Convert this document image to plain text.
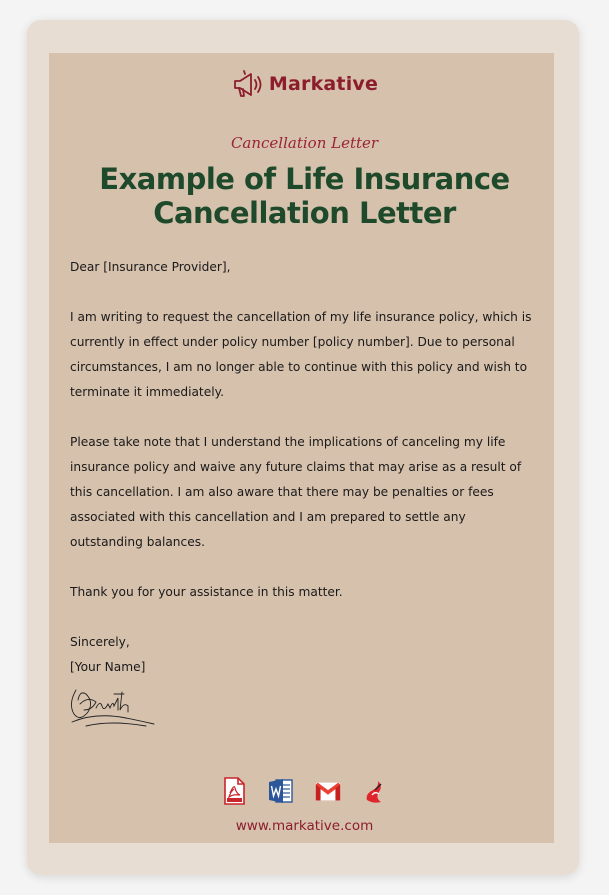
Markative
Cancellation Letter
Example of Life Insurance Cancellation Letter

Dear [Insurance Provider],

I am writing to request the cancellation of my life insurance policy, which is currently in effect under policy number [policy number]. Due to personal circumstances, I am no longer able to continue with this policy and wish to terminate it immediately.

Please take note that I understand the implications of canceling my life insurance policy and waive any future claims that may arise as a result of this cancellation. I am also aware that there may be penalties or fees associated with this cancellation and I am prepared to settle any outstanding balances.

Thank you for your assistance in this matter.

Sincerely,

[Your Name]

www.markative.com
